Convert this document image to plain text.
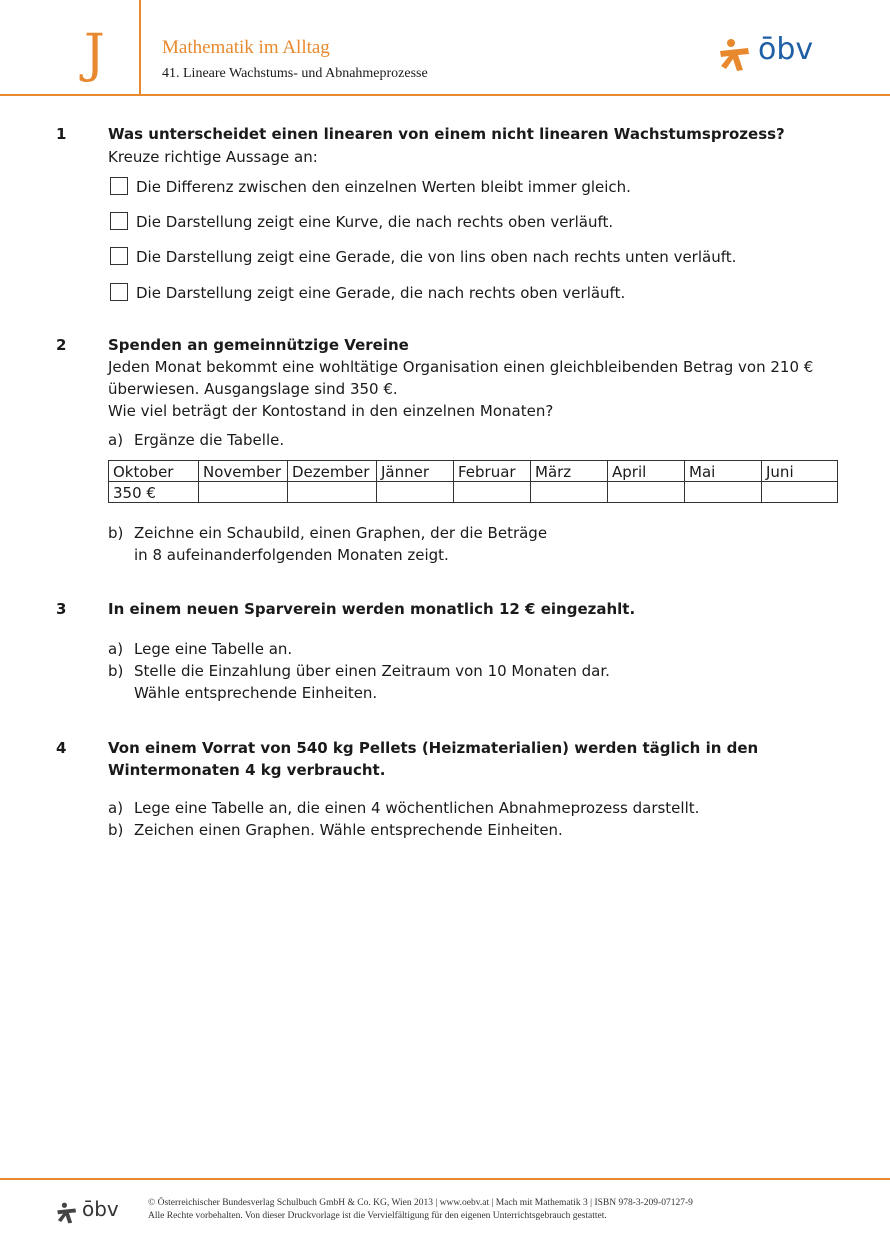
J	Mathematik im Alltag
41. Lineare Wachstums- und Abnahmeprozesse
ōbv
1	Was unterscheidet einen linearen von einem nicht linearen Wachstumsprozess?
Kreuze richtige Aussage an:
Die Differenz zwischen den einzelnen Werten bleibt immer gleich.
Die Darstellung zeigt eine Kurve, die nach rechts oben verläuft.
Die Darstellung zeigt eine Gerade, die von lins oben nach rechts unten verläuft.
Die Darstellung zeigt eine Gerade, die nach rechts oben verläuft.
2	Spenden an gemeinnützige Vereine
Jeden Monat bekommt eine wohltätige Organisation einen gleichbleibenden Betrag von 210 €
überwiesen. Ausgangslage sind 350 €.
Wie viel beträgt der Kontostand in den einzelnen Monaten?
a) Ergänze die Tabelle.
Oktober	November	Dezember	Jänner	Februar	März	April	Mai	Juni
350 €								
b) Zeichne ein Schaubild, einen Graphen, der die Beträge
in 8 aufeinanderfolgenden Monaten zeigt.
3	In einem neuen Sparverein werden monatlich 12 € eingezahlt.
a) Lege eine Tabelle an.
b) Stelle die Einzahlung über einen Zeitraum von 10 Monaten dar.
Wähle entsprechende Einheiten.
4	Von einem Vorrat von 540 kg Pellets (Heizmaterialien) werden täglich in den
Wintermonaten 4 kg verbraucht.
a) Lege eine Tabelle an, die einen 4 wöchentlichen Abnahmeprozess darstellt.
b) Zeichen einen Graphen. Wähle entsprechende Einheiten.
ōbv	© Österreichischer Bundesverlag Schulbuch GmbH & Co. KG, Wien 2013 | www.oebv.at | Mach mit Mathematik 3 | ISBN 978-3-209-07127-9
Alle Rechte vorbehalten. Von dieser Druckvorlage ist die Vervielfältigung für den eigenen Unterrichtsgebrauch gestattet.
